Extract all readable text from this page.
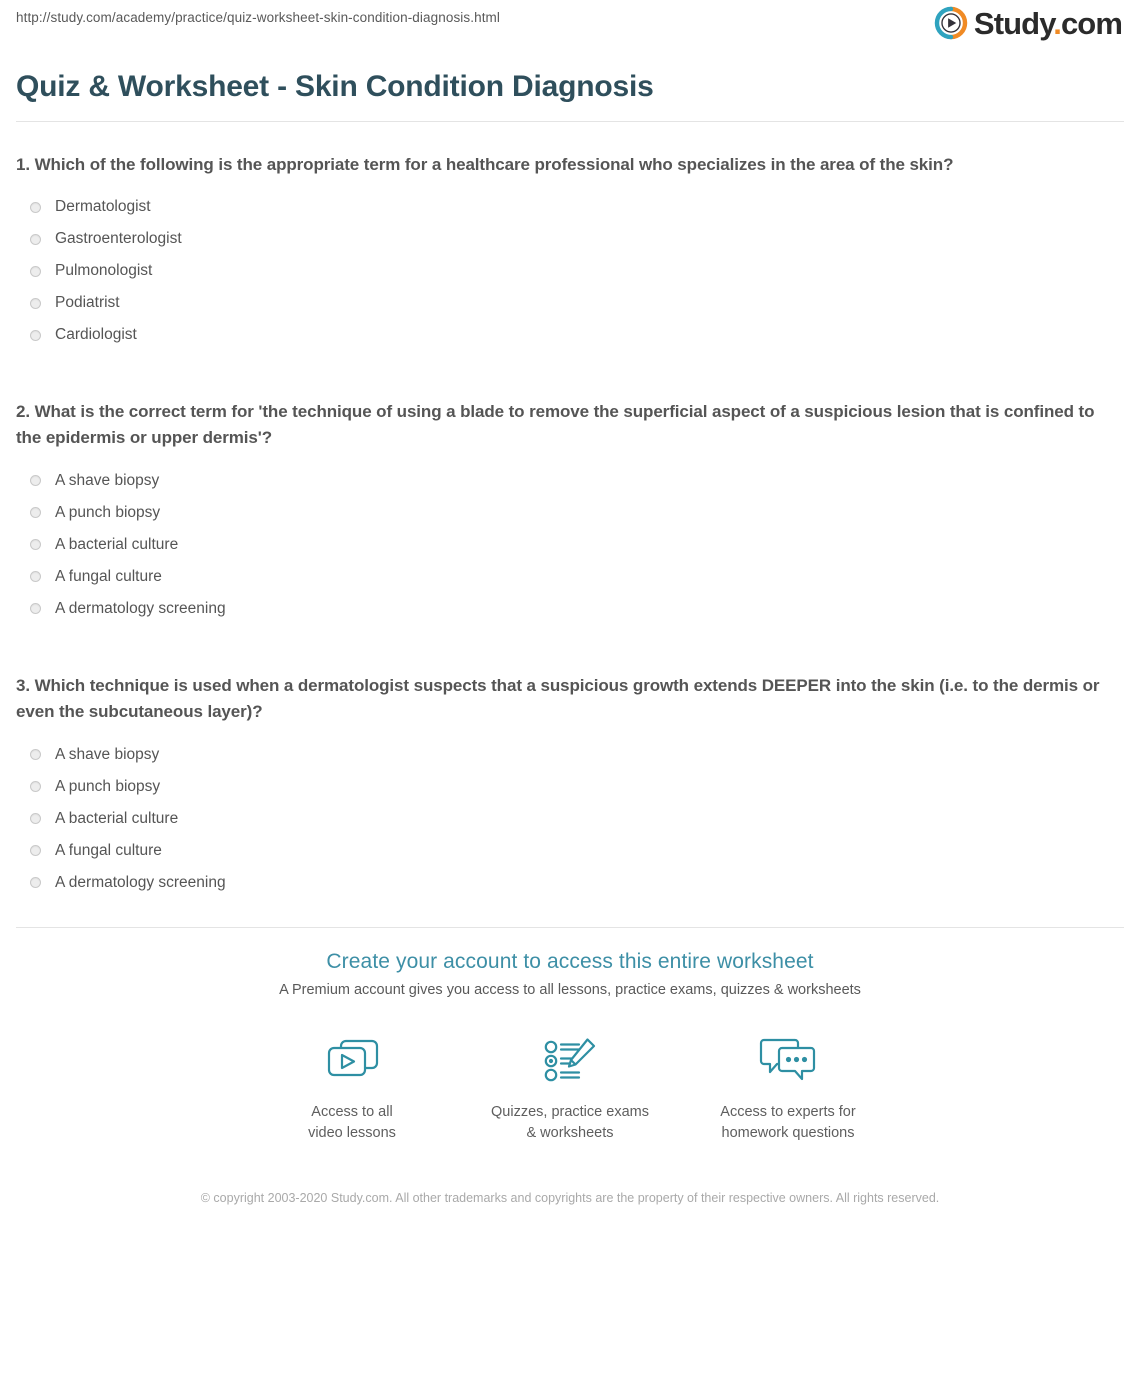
http://study.com/academy/practice/quiz-worksheet-skin-condition-diagnosis.html	Study.com
Quiz & Worksheet - Skin Condition Diagnosis

1. Which of the following is the appropriate term for a healthcare professional who specializes in the area of the skin?

Dermatologist
Gastroenterologist
Pulmonologist
Podiatrist
Cardiologist

2. What is the correct term for 'the technique of using a blade to remove the superficial aspect of a suspicious lesion that is confined to the epidermis or upper dermis'?

A shave biopsy
A punch biopsy
A bacterial culture
A fungal culture
A dermatology screening

3. Which technique is used when a dermatologist suspects that a suspicious growth extends DEEPER into the skin (i.e. to the dermis or even the subcutaneous layer)?

A shave biopsy
A punch biopsy
A bacterial culture
A fungal culture
A dermatology screening
Create your account to access this entire worksheet

A Premium account gives you access to all lessons, practice exams, quizzes & worksheets

Access to all
video lessons
Quizzes, practice exams
& worksheets
Access to experts for
homework questions
© copyright 2003-2020 Study.com. All other trademarks and copyrights are the property of their respective owners. All rights reserved.
